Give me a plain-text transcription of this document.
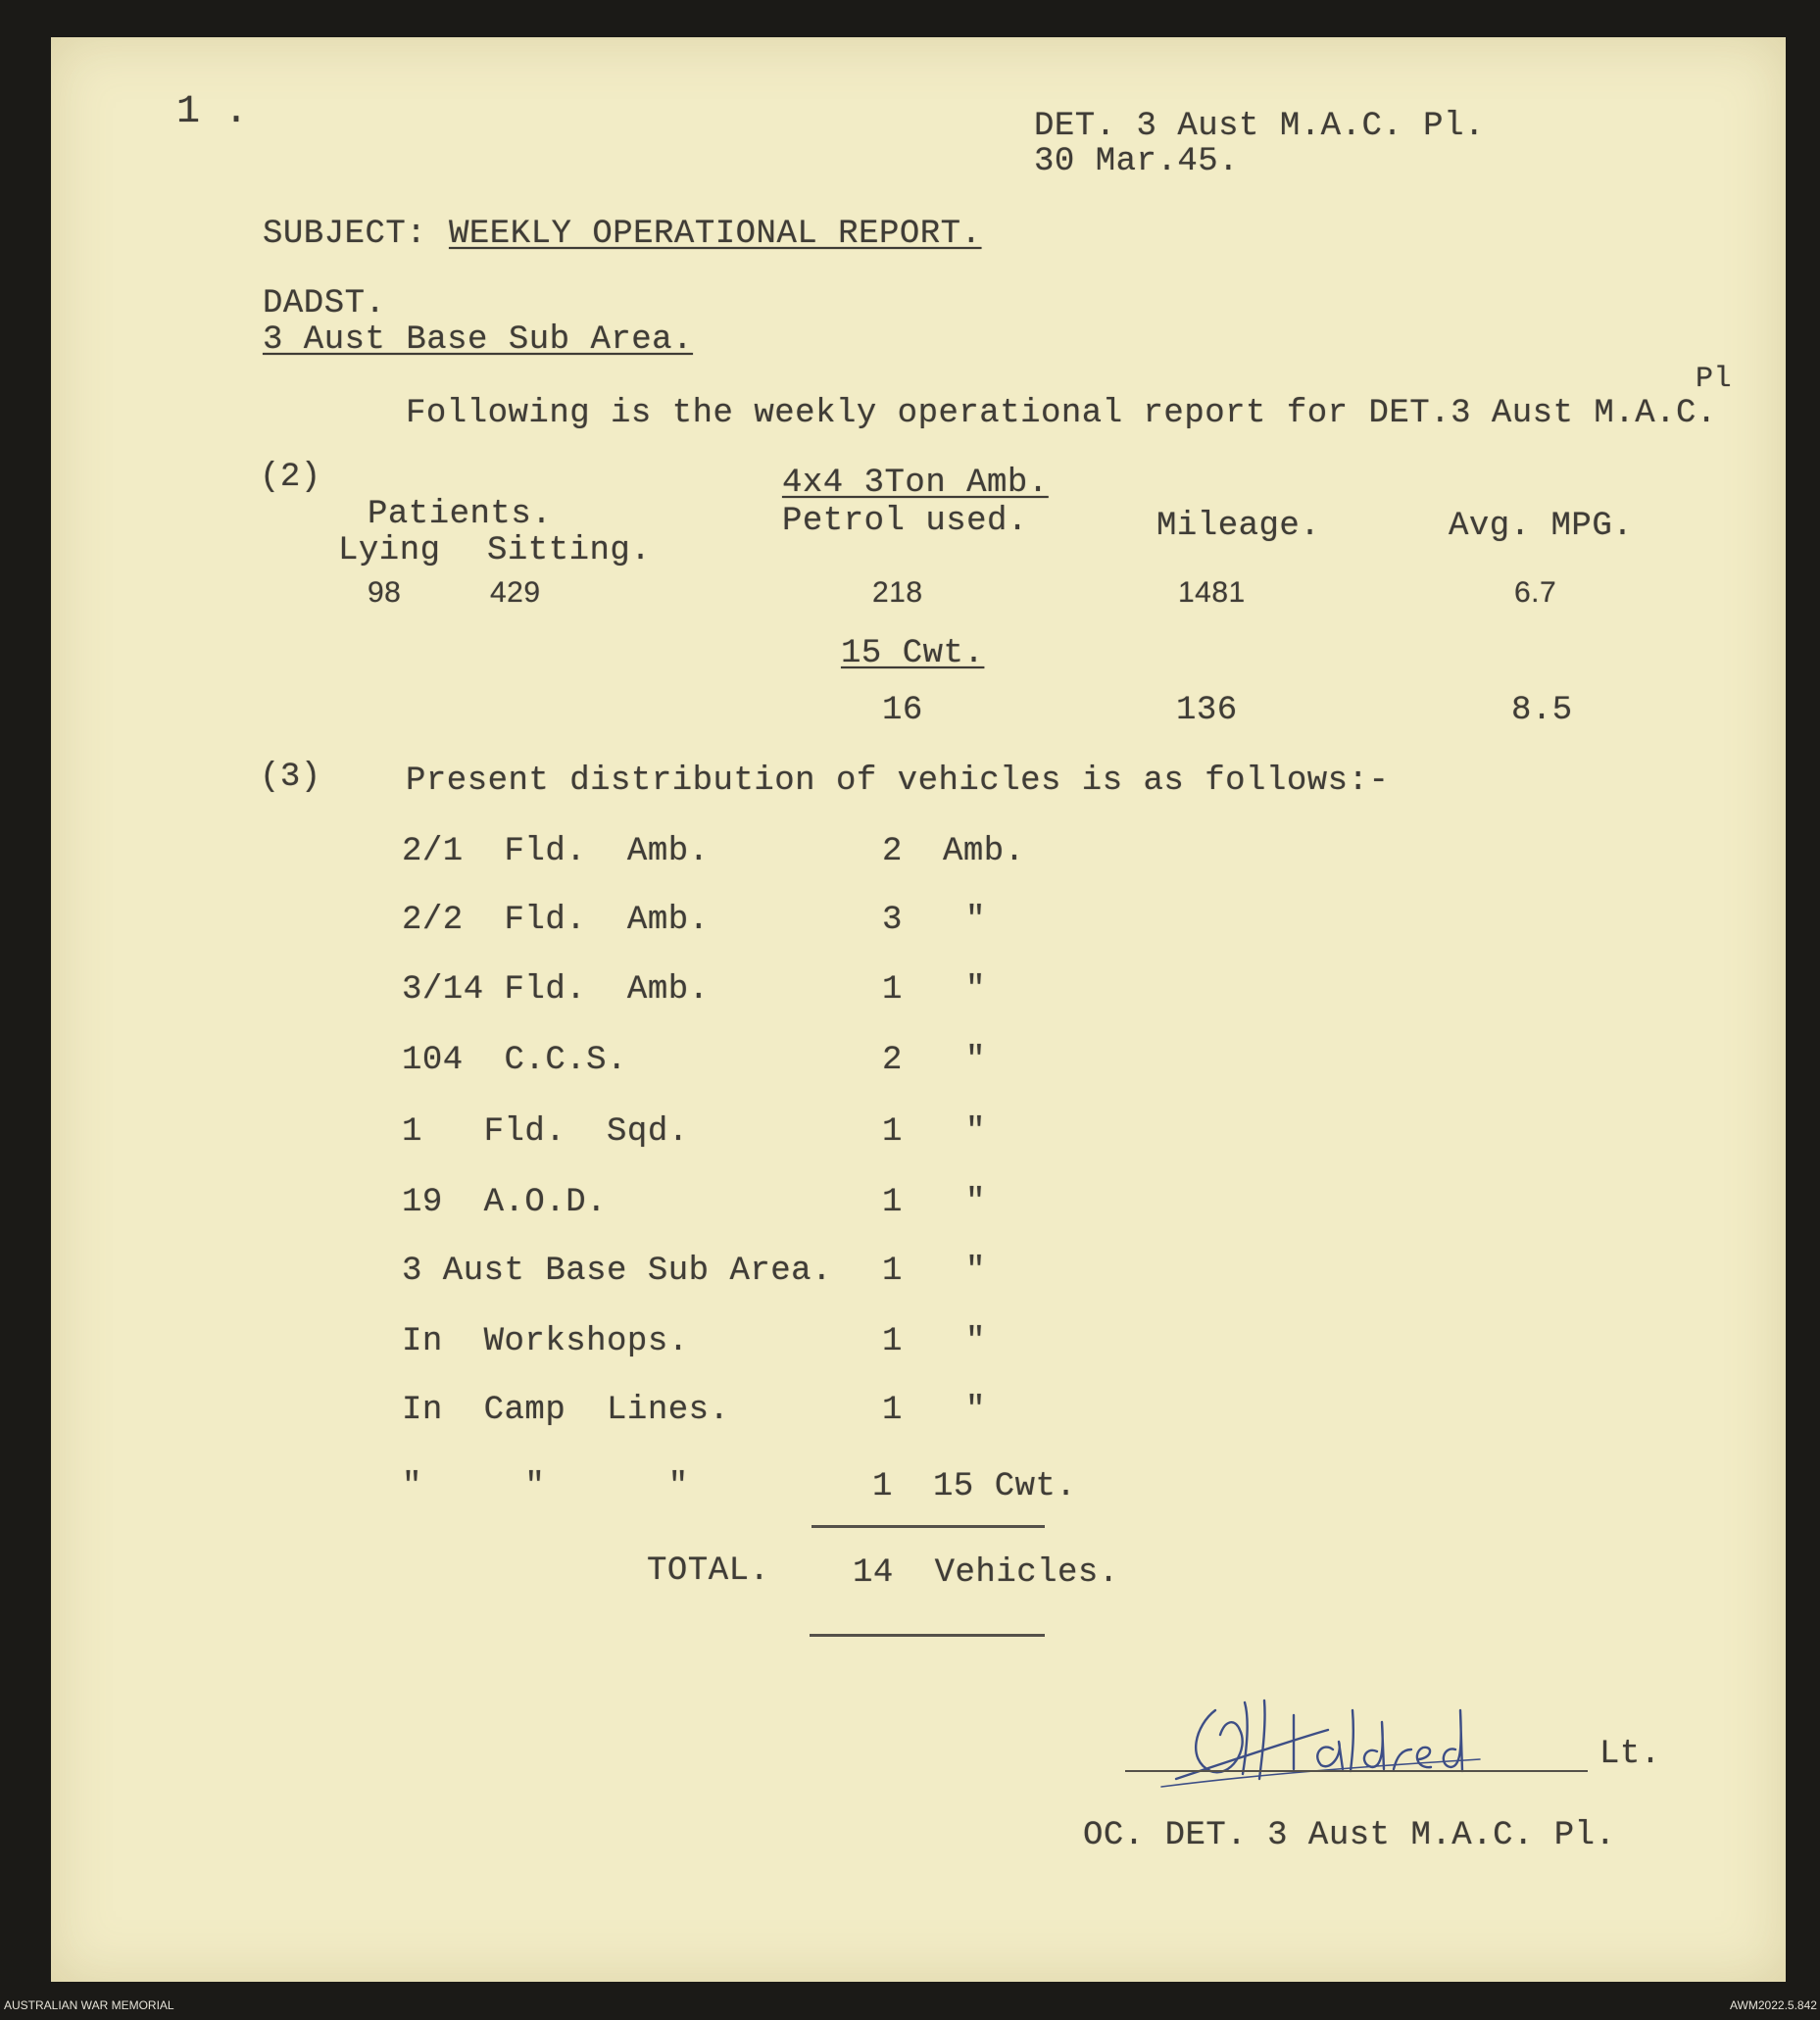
1 .	DET. 3 Aust M.A.C. Pl.
30 Mar.45.
SUBJECT: WEEKLY OPERATIONAL REPORT.
DADST.
3 Aust Base Sub Area.
Pl
Following is the weekly operational report for DET.3 Aust M.A.C.
(2)	4x4 3Ton Amb.
Patients.	Petrol used.	Mileage.	Avg. MPG.
Lying Sitting.
98	429	218	1481	6.7
15 Cwt.
16	136	8.5
(3)	Present distribution of vehicles is as follows:-
2/1  Fld.  Amb.	2 Amb.
2/2  Fld.  Amb.	3 "
3/14 Fld.  Amb.	1 "
104  C.C.S.	2 "
1   Fld.  Sqd.	1 "
19  A.O.D.	1 "
3 Aust Base Sub Area. 1 "
In  Workshops.	1 "
In  Camp  Lines.	1 "
"     "      "	1 15 Cwt.
TOTAL. 14  Vehicles.
Lt.
OC. DET. 3 Aust M.A.C. Pl.
AUSTRALIAN WAR MEMORIAL	AWM2022.5.842
